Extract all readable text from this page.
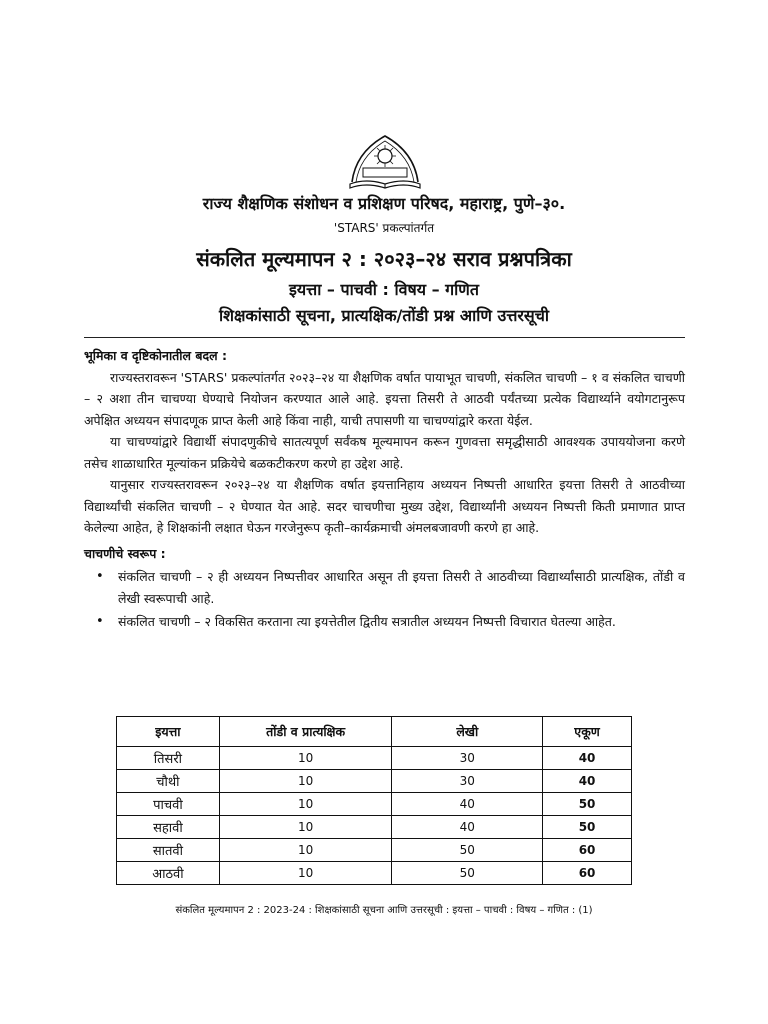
राज्य शैक्षणिक संशोधन व प्रशिक्षण परिषद, महाराष्ट्र, पुणे–३०.
'STARS' प्रकल्पांतर्गत
संकलित मूल्यमापन २ : २०२३–२४ सराव प्रश्नपत्रिका
इयत्ता – पाचवी : विषय – गणित
शिक्षकांसाठी सूचना, प्रात्यक्षिक/तोंडी प्रश्न आणि उत्तरसूची

भूमिका व दृष्टिकोनातील बदल :

राज्यस्तरावरून 'STARS' प्रकल्पांतर्गत २०२३–२४ या शैक्षणिक वर्षात पायाभूत चाचणी, संकलित चाचणी – १ व संकलित चाचणी – २ अशा तीन चाचण्या घेण्याचे नियोजन करण्यात आले आहे. इयत्ता तिसरी ते आठवी पर्यंतच्या प्रत्येक विद्यार्थ्याने वयोगटानुरूप अपेक्षित अध्ययन संपादणूक प्राप्त केली आहे किंवा नाही, याची तपासणी या चाचण्यांद्वारे करता येईल.

या चाचण्यांद्वारे विद्यार्थी संपादणुकीचे सातत्यपूर्ण सर्वंकष मूल्यमापन करून गुणवत्ता समृद्धीसाठी आवश्यक उपाययोजना करणे तसेच शाळाधारित मूल्यांकन प्रक्रियेचे बळकटीकरण करणे हा उद्देश आहे.

यानुसार राज्यस्तरावरून २०२३–२४ या शैक्षणिक वर्षात इयत्तानिहाय अध्ययन निष्पत्ती आधारित इयत्ता तिसरी ते आठवीच्या विद्यार्थ्यांची संकलित चाचणी – २ घेण्यात येत आहे. सदर चाचणीचा मुख्य उद्देश, विद्यार्थ्यांनी अध्ययन निष्पत्ती किती प्रमाणात प्राप्त केलेल्या आहेत, हे शिक्षकांनी लक्षात घेऊन गरजेनुरूप कृती–कार्यक्रमाची अंमलबजावणी करणे हा आहे.

चाचणीचे स्वरूप :

• संकलित चाचणी – २ ही अध्ययन निष्पत्तीवर आधारित असून ती इयत्ता तिसरी ते आठवीच्या विद्यार्थ्यांसाठी प्रात्यक्षिक, तोंडी व लेखी स्वरूपाची आहे.
• संकलित चाचणी – २ विकसित करताना त्या इयत्तेतील द्वितीय सत्रातील अध्ययन निष्पत्ती विचारात घेतल्या आहेत.
इयत्ता	तोंडी व प्रात्यक्षिक	लेखी	एकूण
तिसरी	10	30	40
चौथी	10	30	40
पाचवी	10	40	50
सहावी	10	40	50
सातवी	10	50	60
आठवी	10	50	60
संकलित मूल्यमापन 2 : 2023-24 : शिक्षकांसाठी सूचना आणि उत्तरसूची : इयत्ता – पाचवी : विषय – गणित : (1)
